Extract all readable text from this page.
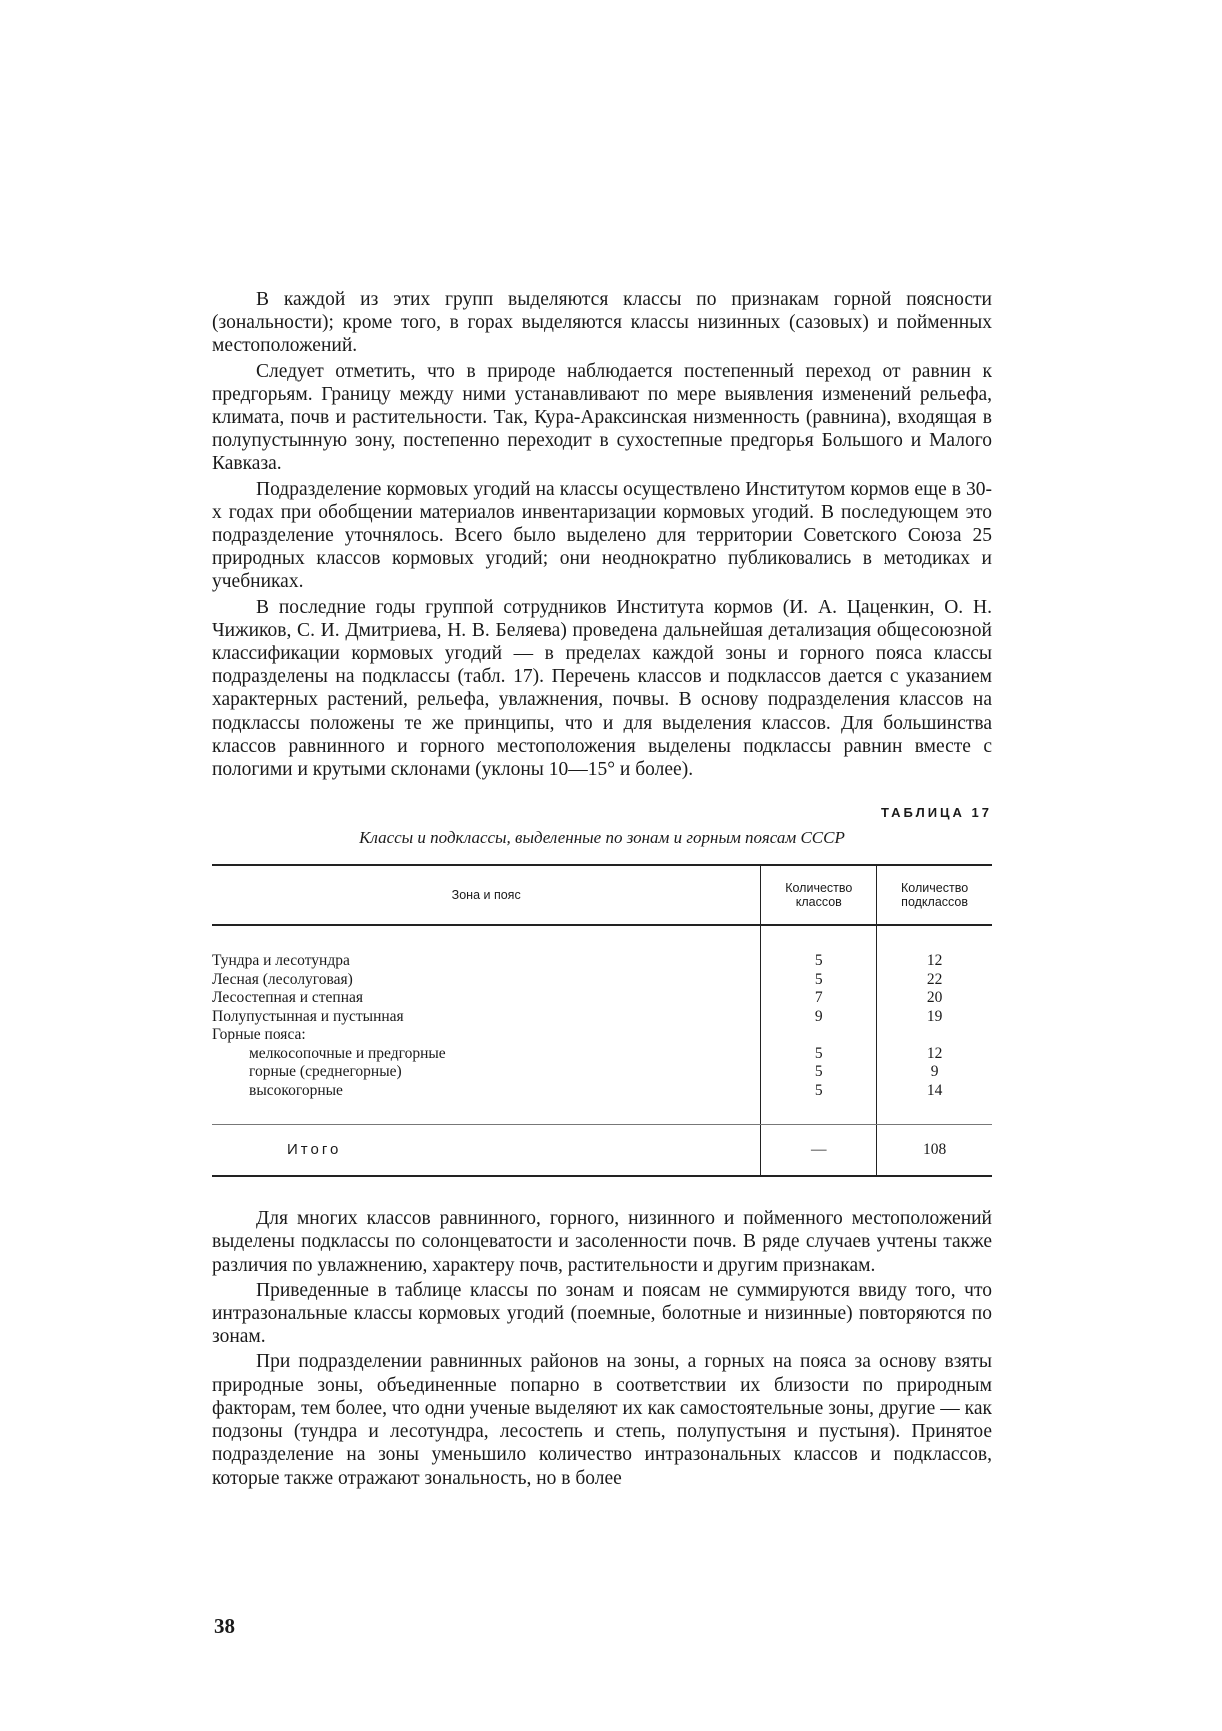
В каждой из этих групп выделяются классы по признакам горной поясности (зональности); кроме того, в горах выделяются классы низинных (сазовых) и пойменных местоположений.

Следует отметить, что в природе наблюдается постепенный переход от равнин к предгорьям. Границу между ними устанавливают по мере выявления изменений рельефа, климата, почв и растительности. Так, Кура-Араксинская низменность (равнина), входящая в полупустынную зону, постепенно переходит в сухостепные предгорья Большого и Малого Кавказа.

Подразделение кормовых угодий на классы осуществлено Институтом кормов еще в 30-х годах при обобщении материалов инвентаризации кормовых угодий. В последующем это подразделение уточнялось. Всего было выделено для территории Советского Союза 25 природных классов кормовых угодий; они неоднократно публиковались в методиках и учебниках.

В последние годы группой сотрудников Института кормов (И. А. Цаценкин, О. Н. Чижиков, С. И. Дмитриева, Н. В. Беляева) проведена дальнейшая детализация общесоюзной классификации кормовых угодий — в пределах каждой зоны и горного пояса классы подразделены на подклассы (табл. 17). Перечень классов и подклассов дается с указанием характерных растений, рельефа, увлажнения, почвы. В основу подразделения классов на подклассы положены те же принципы, что и для выделения классов. Для большинства классов равнинного и горного местоположения выделены подклассы равнин вместе с пологими и крутыми склонами (уклоны 10—15° и более).

ТАБЛИЦА 17
Классы и подклассы, выделенные по зонам и горным поясам СССР
Зона и пояс	Количество классов	Количество подклассов

Тундра и лесотундра	5	12
Лесная (лесолуговая)	5	22
Лесостепная и степная	7	20
Полупустынная и пустынная	9	19
Горные пояса:		
мелкосопочные и предгорные	5	12
горные (среднегорные)	5	9
высокогорные	5	14

Итого	—	108

Для многих классов равнинного, горного, низинного и пойменного местоположений выделены подклассы по солонцеватости и засоленности почв. В ряде случаев учтены также различия по увлажнению, характеру почв, растительности и другим признакам.

Приведенные в таблице классы по зонам и поясам не суммируются ввиду того, что интразональные классы кормовых угодий (поемные, болотные и низинные) повторяются по зонам.

При подразделении равнинных районов на зоны, а горных на пояса за основу взяты природные зоны, объединенные попарно в соответствии их близости по природным факторам, тем более, что одни ученые выделяют их как самостоятельные зоны, другие — как подзоны (тундра и лесотундра, лесостепь и степь, полупустыня и пустыня). Принятое подразделение на зоны уменьшило количество интразональных классов и подклассов, которые также отражают зональность, но в более

38
